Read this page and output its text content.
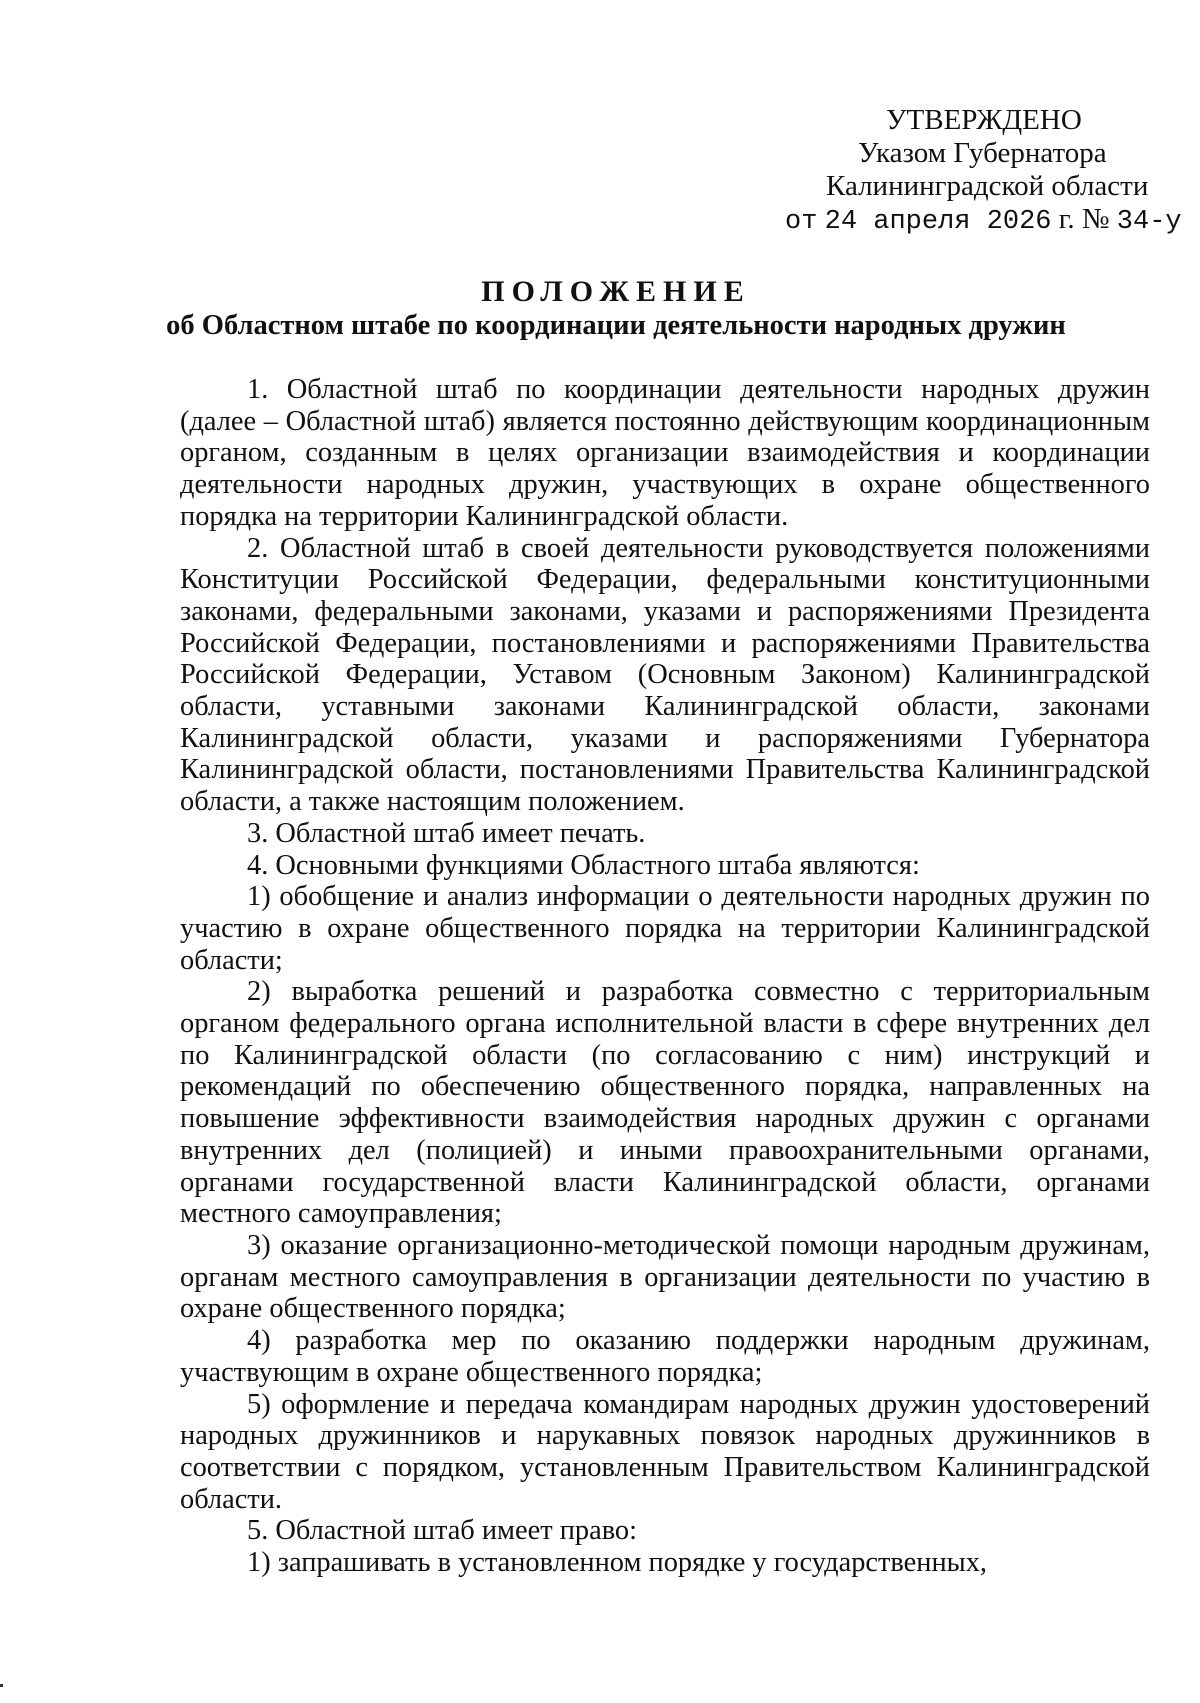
УТВЕРЖДЕНО
Указом Губернатора
Калининградской области
от 24 апреля 2026 г. № 34-у
ПОЛОЖЕНИЕ
об Областном штабе по координации деятельности народных дружин

1. Областной штаб по координации деятельности народных дружин (далее – Областной штаб) является постоянно действующим координационным органом, созданным в целях организации взаимодействия и координации деятельности народных дружин, участвующих в охране общественного порядка на территории Калининградской области.

2. Областной штаб в своей деятельности руководствуется положениями Конституции Российской Федерации, федеральными конституционными законами, федеральными законами, указами и распоряжениями Президента Российской Федерации, постановлениями и распоряжениями Правительства Российской Федерации, Уставом (Основным Законом) Калининградской области, уставными законами Калининградской области, законами Калининградской области, указами и распоряжениями Губернатора Калининградской области, постановлениями Правительства Калининградской области, а также настоящим положением.

3. Областной штаб имеет печать.

4. Основными функциями Областного штаба являются:

1) обобщение и анализ информации о деятельности народных дружин по участию в охране общественного порядка на территории Калининградской области;

2) выработка решений и разработка совместно с территориальным органом федерального органа исполнительной власти в сфере внутренних дел по Калининградской области (по согласованию с ним) инструкций и рекомендаций по обеспечению общественного порядка, направленных на повышение эффективности взаимодействия народных дружин с органами внутренних дел (полицией) и иными правоохранительными органами, органами государственной власти Калининградской области, органами местного самоуправления;

3) оказание организационно-методической помощи народным дружинам, органам местного самоуправления в организации деятельности по участию в охране общественного порядка;

4) разработка мер по оказанию поддержки народным дружинам, участвующим в охране общественного порядка;

5) оформление и передача командирам народных дружин удостоверений народных дружинников и нарукавных повязок народных дружинников в соответствии с порядком, установленным Правительством Калининградской области.

5. Областной штаб имеет право:

1) запрашивать в установленном порядке у государственных,
